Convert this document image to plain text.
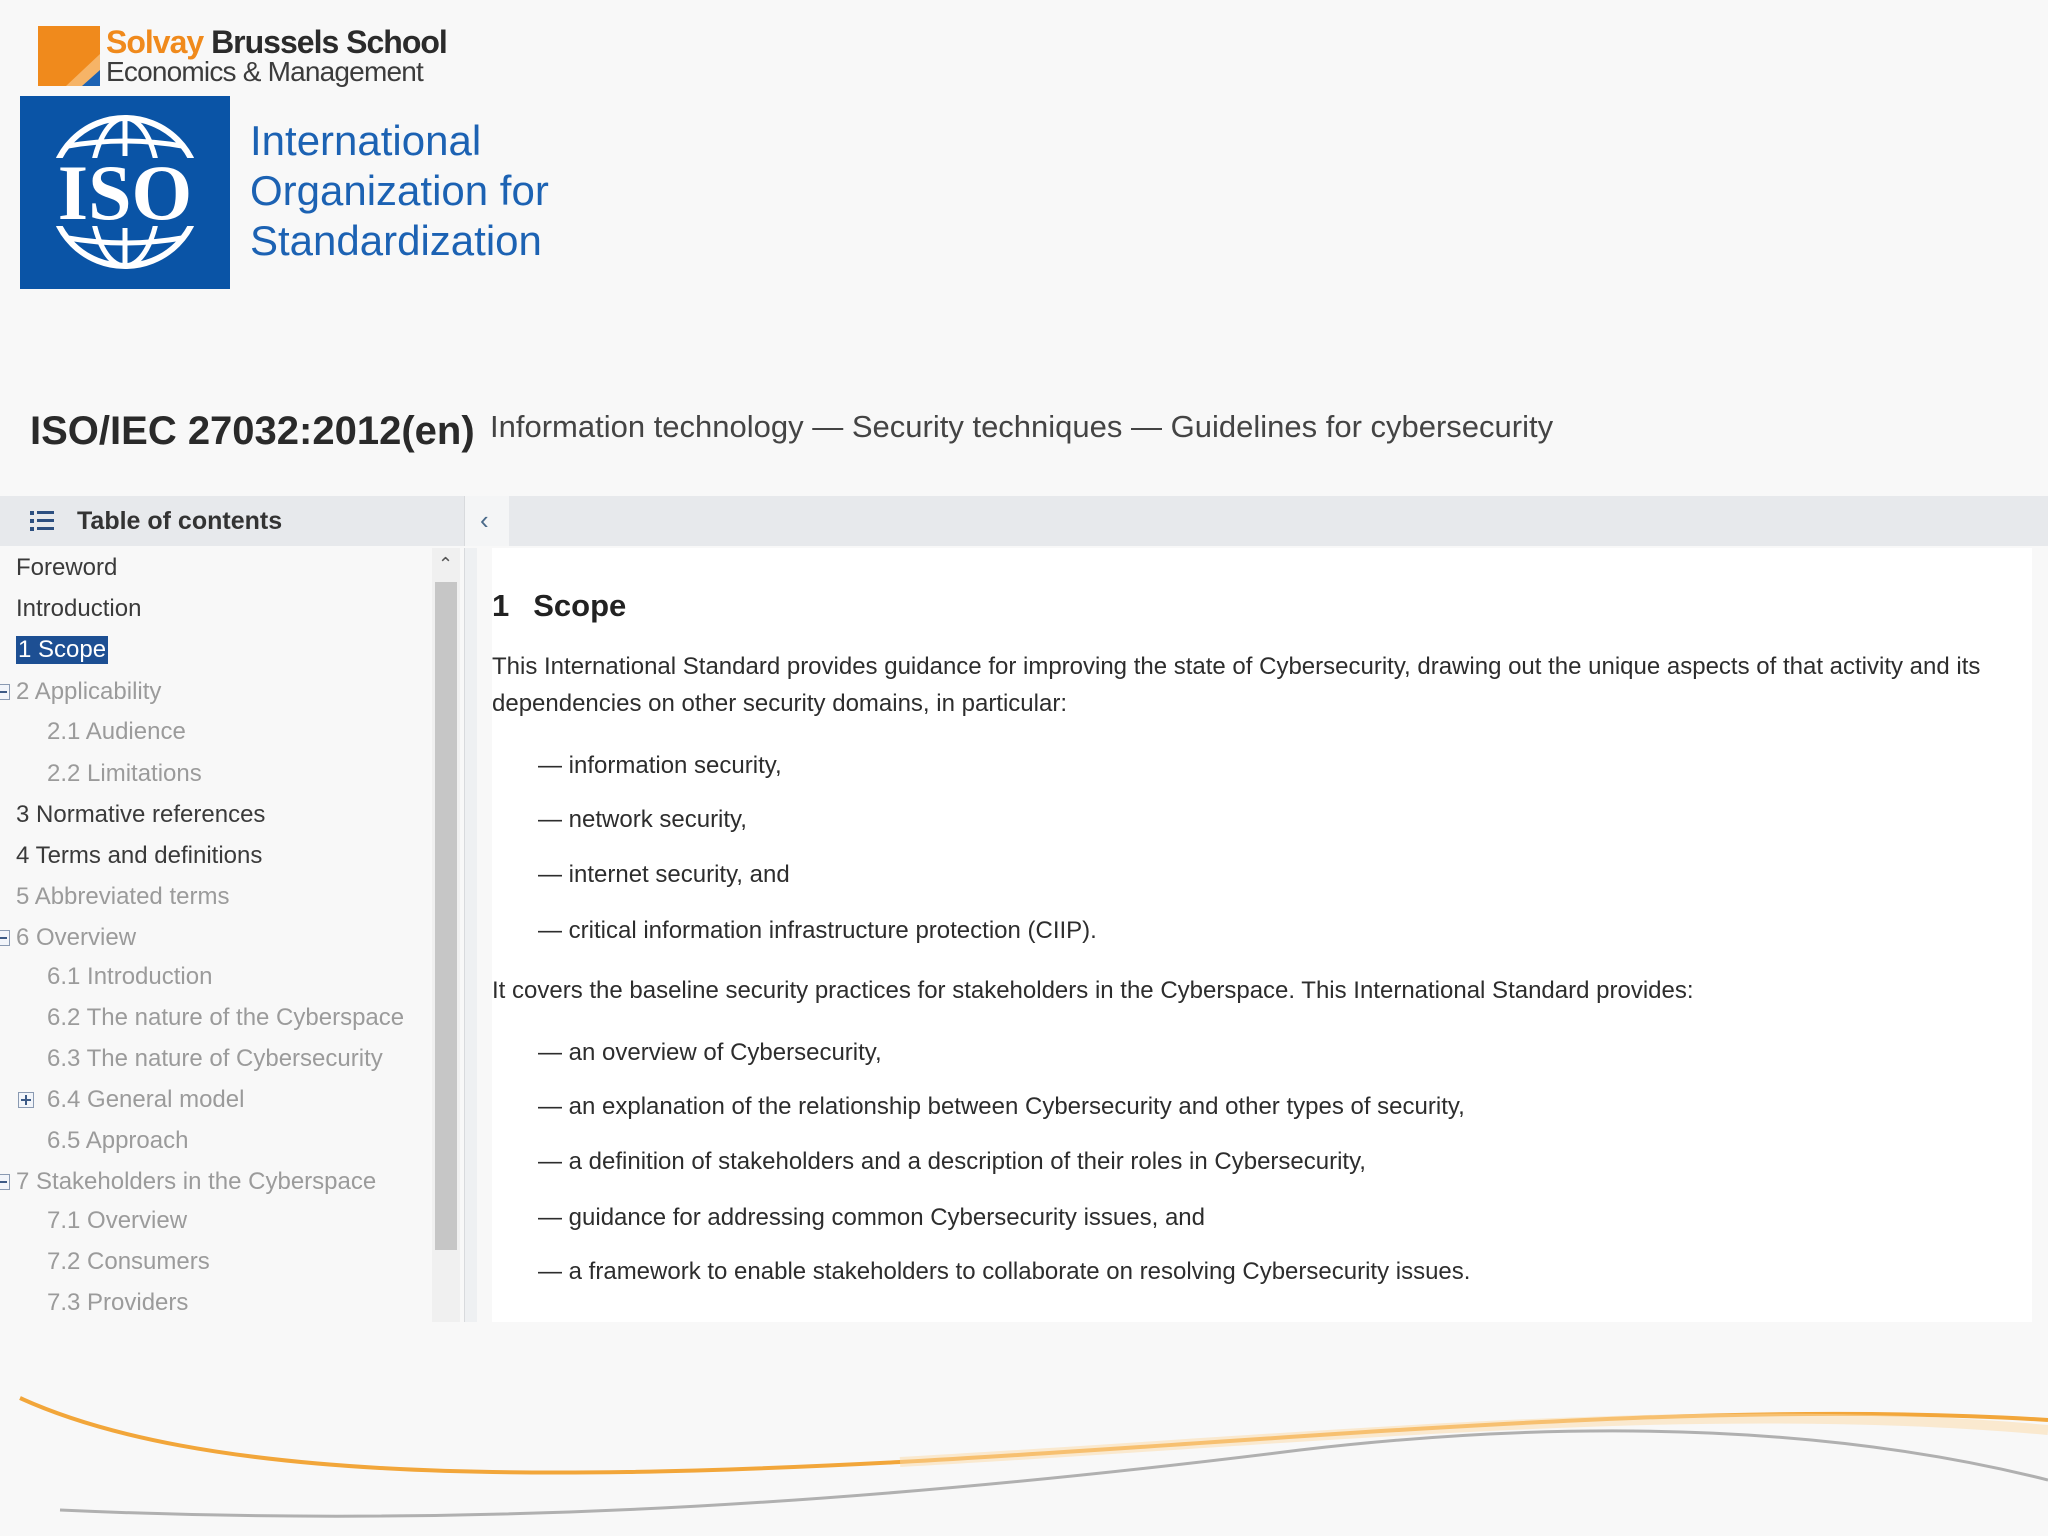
Solvay Brussels School
Economics & Management
ISO
International
Organization for
Standardization
ISO/IEC 27032:2012(en) Information technology — Security techniques — Guidelines for cybersecurity
Table of contents	‹
Foreword
Introduction
1 Scope
2 Applicability
2.1 Audience
2.2 Limitations
3 Normative references
4 Terms and definitions
5 Abbreviated terms
6 Overview
6.1 Introduction
6.2 The nature of the Cyberspace
6.3 The nature of Cybersecurity
6.4 General model
6.5 Approach
7 Stakeholders in the Cyberspace
7.1 Overview
7.2 Consumers
7.3 Providers
⌃
1 Scope
This International Standard provides guidance for improving the state of Cybersecurity, drawing out the unique aspects of that activity and its dependencies on other security domains, in particular:
— information security,
— network security,
— internet security, and
— critical information infrastructure protection (CIIP).
It covers the baseline security practices for stakeholders in the Cyberspace. This International Standard provides:
— an overview of Cybersecurity,
— an explanation of the relationship between Cybersecurity and other types of security,
— a definition of stakeholders and a description of their roles in Cybersecurity,
— guidance for addressing common Cybersecurity issues, and
— a framework to enable stakeholders to collaborate on resolving Cybersecurity issues.
